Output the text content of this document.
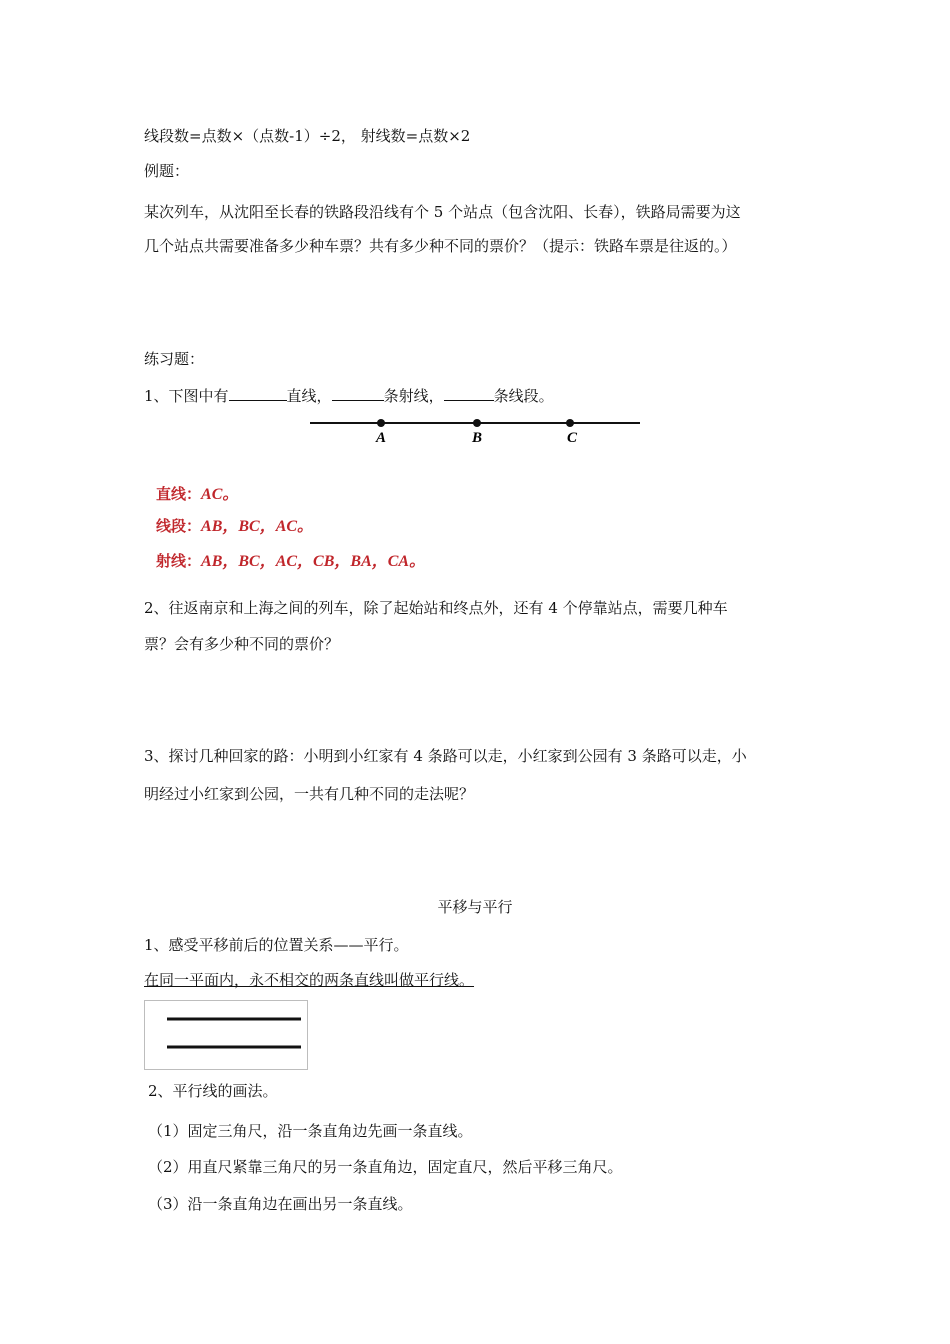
线段数=点数×（点数-1）÷2， 射线数=点数×2
例题：
某次列车，从沈阳至长春的铁路段沿线有个 5 个站点（包含沈阳、长春），铁路局需要为这
几个站点共需要准备多少种车票？共有多少种不同的票价？（提示：铁路车票是往返的。）
练习题：
1、下图中有	直线，	条射线，	条线段。
A	B	C
直线：AC。
线段：AB，BC，AC。
射线：AB，BC，AC，CB，BA，CA。
2、往返南京和上海之间的列车，除了起始站和终点外，还有 4 个停靠站点，需要几种车
票？会有多少种不同的票价？
3、探讨几种回家的路：小明到小红家有 4 条路可以走，小红家到公园有 3 条路可以走，小
明经过小红家到公园，一共有几种不同的走法呢？
平移与平行
1、感受平移前后的位置关系——平行。
在同一平面内，永不相交的两条直线叫做平行线。
2、平行线的画法。
（1）固定三角尺，沿一条直角边先画一条直线。
（2）用直尺紧靠三角尺的另一条直角边，固定直尺，然后平移三角尺。
（3）沿一条直角边在画出另一条直线。
